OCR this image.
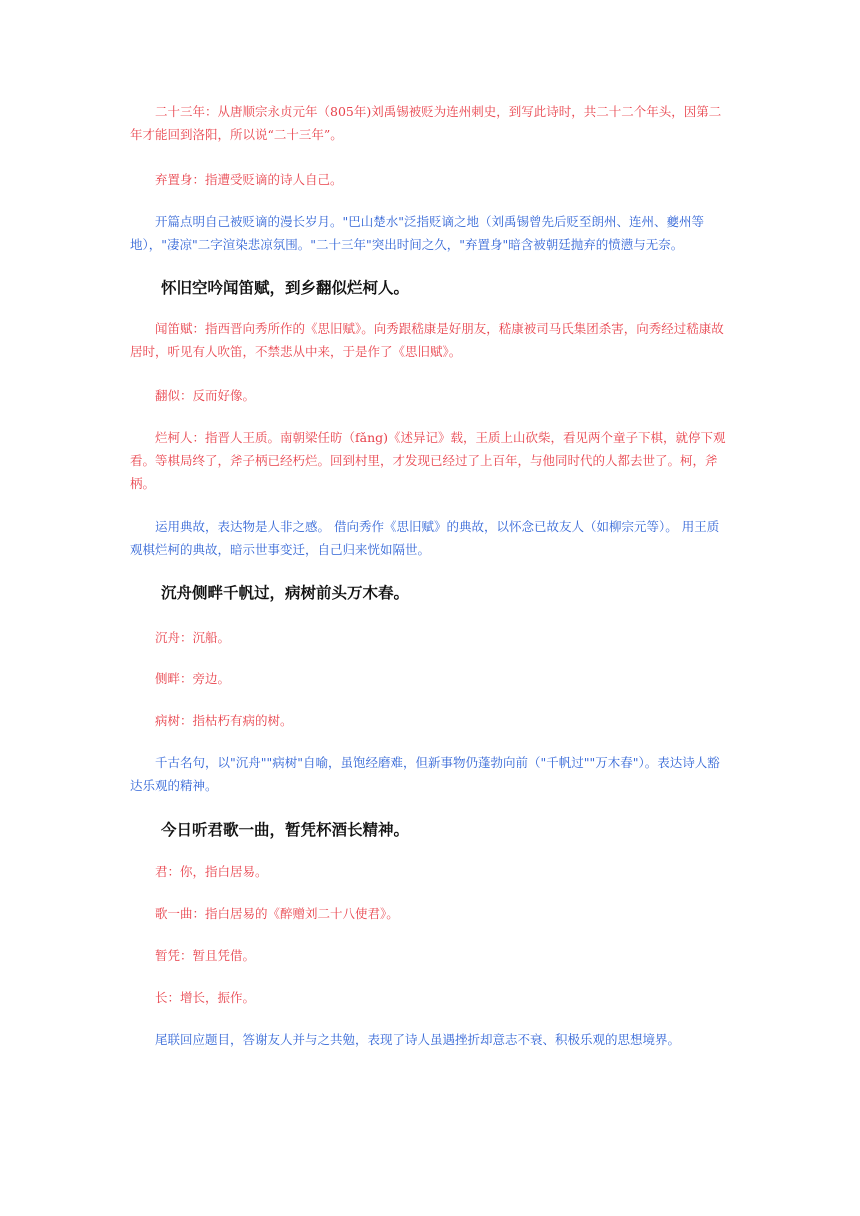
二十三年：从唐顺宗永贞元年（805年)刘禹锡被贬为连州刺史，到写此诗时，共二十二个年头，因第二年才能回到洛阳，所以说“二十三年”。

弃置身：指遭受贬谪的诗人自己。

开篇点明自己被贬谪的漫长岁月。"巴山楚水"泛指贬谪之地（刘禹锡曾先后贬至朗州、连州、夔州等地），"凄凉"二字渲染悲凉氛围。"二十三年"突出时间之久，"弃置身"暗含被朝廷抛弃的愤懑与无奈。

怀旧空吟闻笛赋，到乡翻似烂柯人。

闻笛赋：指西晋向秀所作的《思旧赋》。向秀跟嵇康是好朋友，嵇康被司马氏集团杀害，向秀经过嵇康故居时，听见有人吹笛，不禁悲从中来，于是作了《思旧赋》。

翻似：反而好像。

烂柯人：指晋人王质。南朝梁任昉（fǎng)《述异记》载，王质上山砍柴，看见两个童子下棋，就停下观看。等棋局终了，斧子柄已经朽烂。回到村里，才发现已经过了上百年，与他同时代的人都去世了。柯，斧柄。

运用典故，表达物是人非之感。 借向秀作《思旧赋》的典故，以怀念已故友人（如柳宗元等）。 用王质观棋烂柯的典故，暗示世事变迁，自己归来恍如隔世。

沉舟侧畔千帆过，病树前头万木春。

沉舟：沉船。

侧畔：旁边。

病树：指枯朽有病的树。

千古名句，以"沉舟""病树"自喻，虽饱经磨难，但新事物仍蓬勃向前（"千帆过""万木春"）。表达诗人豁达乐观的精神。

今日听君歌一曲，暂凭杯酒长精神。

君：你，指白居易。

歌一曲：指白居易的《醉赠刘二十八使君》。

暂凭：暂且凭借。

长：增长，振作。

尾联回应题目，答谢友人并与之共勉，表现了诗人虽遇挫折却意志不衰、积极乐观的思想境界。
